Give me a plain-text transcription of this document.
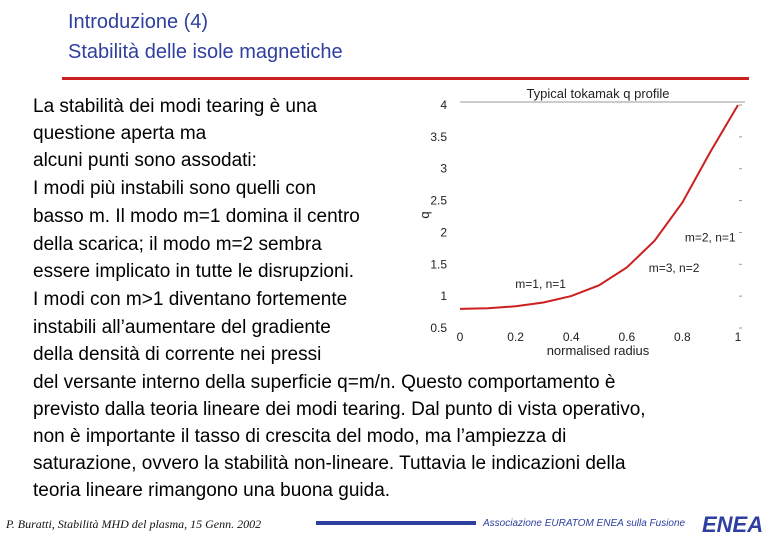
Introduzione (4)
Stabilità delle isole magnetiche

La stabilità dei modi tearing è una

questione aperta ma

alcuni punti sono assodati:

I modi più instabili sono quelli con

basso m. Il modo m=1 domina il centro

della scarica; il modo m=2 sembra

essere implicato in tutte le disrupzioni.

I modi con m>1 diventano fortemente

instabili all’aumentare del gradiente

della densità di corrente nei pressi

del versante interno della superficie q=m/n. Questo comportamento è

previsto dalla teoria lineare dei modi tearing. Dal punto di vista operativo,

non è importante il tasso di crescita del modo, ma l’ampiezza di

saturazione, ovvero la stabilità non-lineare. Tuttavia le indicazioni della

teoria lineare rimangono una buona guida.

Typical tokamak q profile
q
normalised radius
0	0.2	0.4	0.6	0.8	1
0.5
1
1.5
2
2.5
3
3.5
4
m=1, n=1
m=3, n=2
m=2, n=1
P. Buratti, Stabilità MHD del plasma, 15 Genn. 2002	Associazione EURATOM ENEA sulla Fusione ENEA
